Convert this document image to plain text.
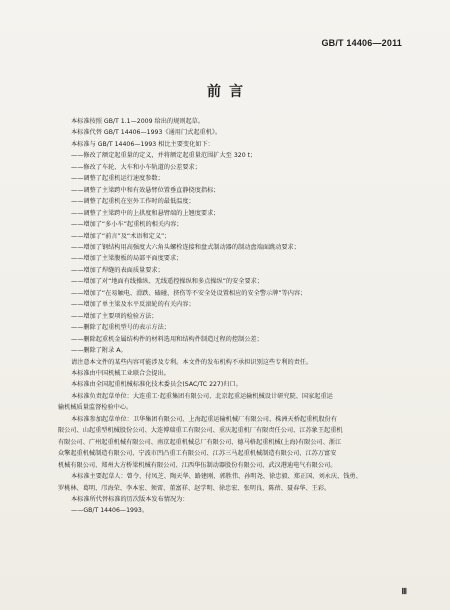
GB/T 14406—2011
前言
本标准按照 GB/T 1.1—2009 给出的规则起草。
本标准代替 GB/T 14406—1993《通用门式起重机》。
本标准与 GB/T 14406—1993 相比主要变化如下：
——修改了额定起重量的定义，并将额定起重量范围扩大至 320 t；
——修改了车轮、大车和小车轨道的公差要求；
——调整了起重机运行速度参数；
——调整了主梁跨中和有效悬臂位置垂直静挠度指标；
——调整了起重机在室外工作时的最低温度；
——调整了主梁跨中的上拱度和悬臂端的上翘度要求；
——增加了“多小车”起重机的相关内容；
——增加了“前言”及“术语和定义”；
——增加了钢结构用高强度大六角头螺栓连接和盘式制动器的制动盘端面跳动要求；
——增加了主梁腹板的局部平面度要求；
——增加了焊缝的表面质量要求；
——增加了对“地面有线操纵、无线遥控操纵和多点操纵”的安全要求；
——增加了“在易触电、滑跌、磕碰、挤伤等不安全处设置相应的安全警示牌”等内容；
——增加了单主梁及水平反滚轮的有关内容；
——增加了主要项的检验方法；
——删除了起重机型号的表示方法；
——删除起重机金属结构件的材料选用和结构件制造过程的控制公差；
——删除了附录 A。
请注意本文件的某些内容可能涉及专利。本文件的发布机构不承担识别这些专利的责任。
本标准由中国机械工业联合会提出。
本标准由全国起重机械标准化技术委员会(SAC/TC 227)归口。
本标准负责起草单位：大连重工·起重集团有限公司、北京起重运输机械设计研究院、国家起重运
输机械质量监督检验中心。
本标准参加起草单位：卫华集团有限公司、上海起重运输机械厂有限公司、株洲天桥起重机股份有
限公司、山起重型机械股份公司、大连博瑞重工有限公司、重庆起重机厂有限责任公司、江苏象王起重机
有限公司、广州起重机械有限公司、南京起重机械总厂有限公司、德马格起重机械(上海)有限公司、浙江
众擎起重机械制造有限公司、宁波市凹凸重工有限公司、江苏三马起重机械制造有限公司、江苏万富安
机械有限公司、郑州大方桥梁机械有限公司、江西华伍制动器股份有限公司、武汉港迪电气有限公司。
本标准主要起草人：曾令、付凤芝、陶天华、路建刚、郭胜伟、孙明尧、徐忠毅、郑正国、刘永庆、钱勇、
罗桃林、葛明、邝海荣、李本宏、须雷、董富祥、赵学明、徐忠宏、张明良、陈蓓、聂春华、王彩。
本标准所代替标准的历次版本发布情况为：
——GB/T 14406—1993。
Ⅲ
